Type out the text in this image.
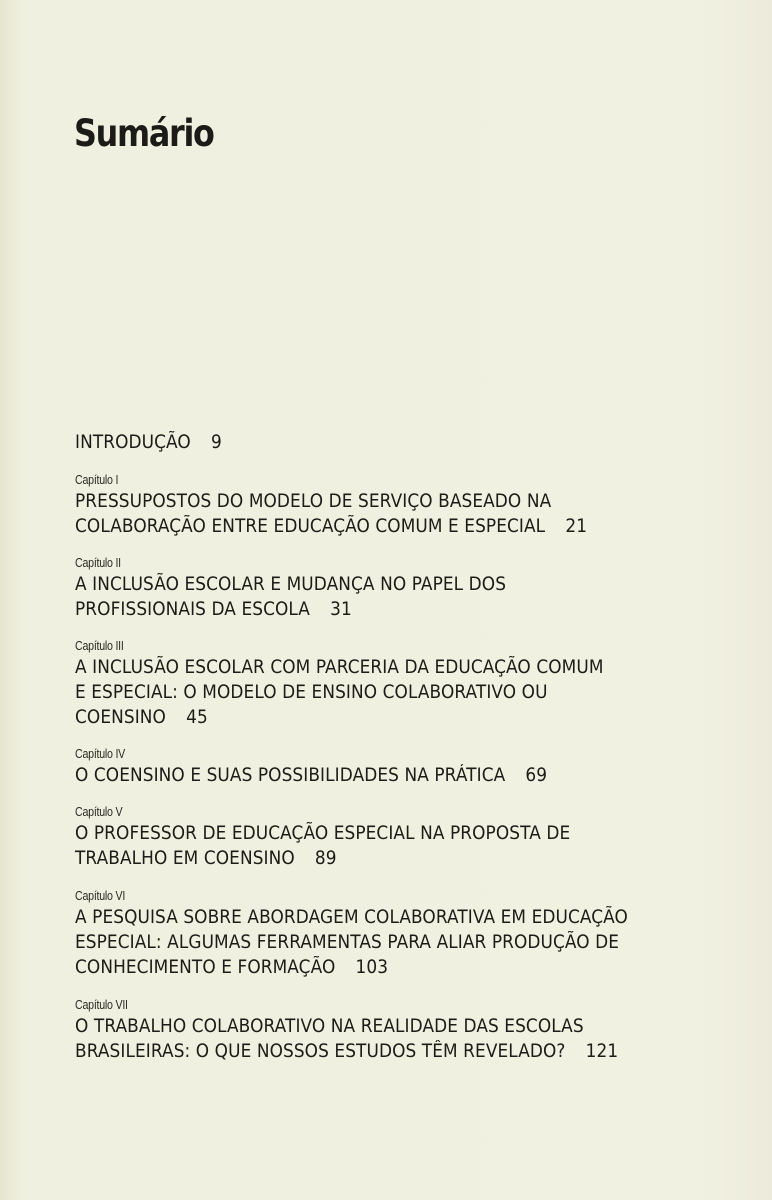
Sumário
INTRODUÇÃO 9
Capítulo I
PRESSUPOSTOS DO MODELO DE SERVIÇO BASEADO NA
COLABORAÇÃO ENTRE EDUCAÇÃO COMUM E ESPECIAL 21
Capítulo II
A INCLUSÃO ESCOLAR E MUDANÇA NO PAPEL DOS
PROFISSIONAIS DA ESCOLA 31
Capítulo III
A INCLUSÃO ESCOLAR COM PARCERIA DA EDUCAÇÃO COMUM
E ESPECIAL: O MODELO DE ENSINO COLABORATIVO OU
COENSINO 45
Capítulo IV
O COENSINO E SUAS POSSIBILIDADES NA PRÁTICA 69
Capítulo V
O PROFESSOR DE EDUCAÇÃO ESPECIAL NA PROPOSTA DE
TRABALHO EM COENSINO 89
Capítulo VI
A PESQUISA SOBRE ABORDAGEM COLABORATIVA EM EDUCAÇÃO
ESPECIAL: ALGUMAS FERRAMENTAS PARA ALIAR PRODUÇÃO DE
CONHECIMENTO E FORMAÇÃO 103
Capítulo VII
O TRABALHO COLABORATIVO NA REALIDADE DAS ESCOLAS
BRASILEIRAS: O QUE NOSSOS ESTUDOS TÊM REVELADO? 121
